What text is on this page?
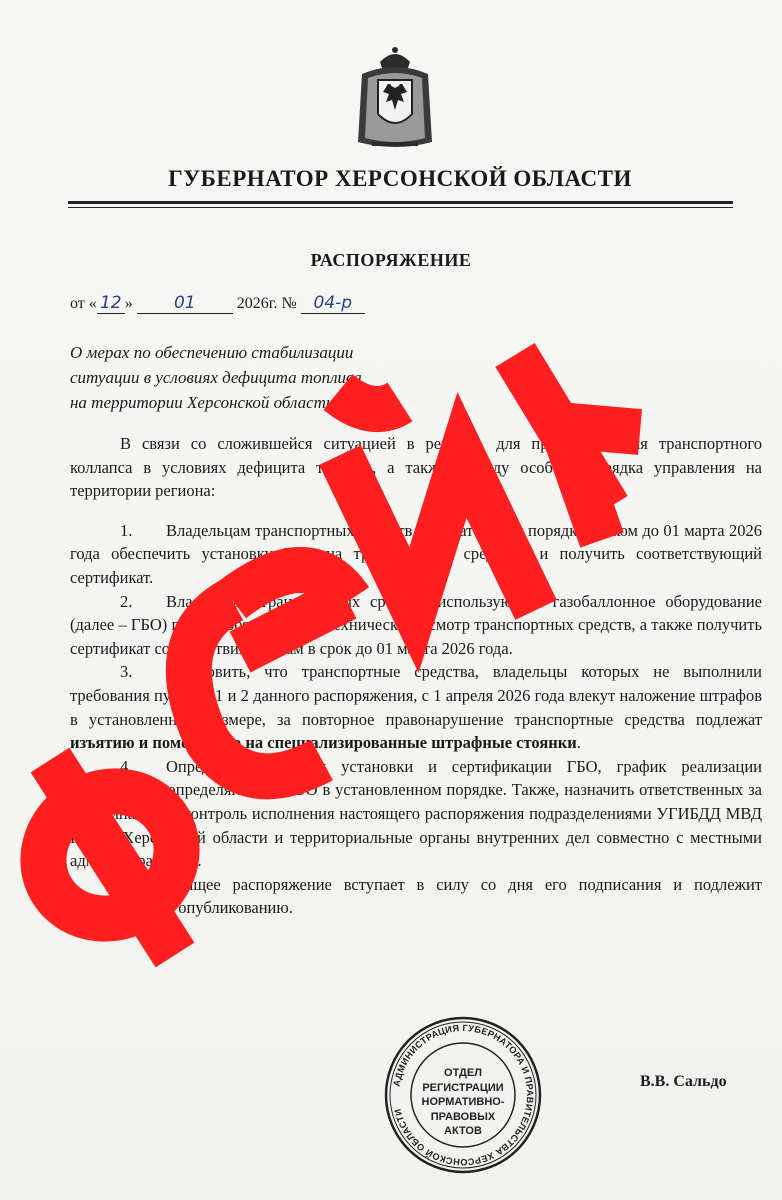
ГУБЕРНАТОР ХЕРСОНСКОЙ ОБЛАСТИ
РАСПОРЯЖЕНИЕ
от « 12 » 01	2026г. № 04-р
О мерах по обеспечению стабилизации
ситуации в условиях дефицита топлива
на территории Херсонской области

В связи со сложившейся ситуацией в регионе, для предотвращения транспортного коллапса в условиях дефицита топлива, а также в виду особого порядка управления на территории региона:

1. Владельцам транспортных средств в обязательном порядке сроком до 01 марта 2026 года обеспечить установку ГБО на транспортные средства, и получить соответствующий сертификат.

2. Владельцам транспортных средств, использующих газобаллонное оборудование (далее – ГБО) пройти обязательный технический осмотр транспортных средств, а также получить сертификат соответствия нормам в срок до 01 марта 2026 года.

3. Установить, что транспортные средства, владельцы которых не выполнили требования пунктов 1 и 2 данного распоряжения, с 1 апреля 2026 года влекут наложение штрафов в установленном размере, за повторное правонарушение транспортные средства подлежат изъятию и помещению на специализированные штрафные стоянки.

4. Определить, порядок установки и сертификации ГБО, график реализации мероприятий определяются МРЭО в установленном порядке. Также, назначить ответственных за координацию и контроль исполнения настоящего распоряжения подразделениями УГИБДД МВД РФ по Херсонской области и территориальные органы внутренних дел совместно с местными администрациями.

5. Настоящее распоряжение вступает в силу со дня его подписания и подлежит официальному опубликованию.

АДМИНИСТРАЦИЯ ГУБЕРНАТОРА И ПРАВИТЕЛЬСТВА ХЕРСОНСКОЙ ОБЛАСТИ
ОТДЕЛ
РЕГИСТРАЦИИ
НОРМАТИВНО-
ПРАВОВЫХ
АКТОВ
В.В. Сальдо
